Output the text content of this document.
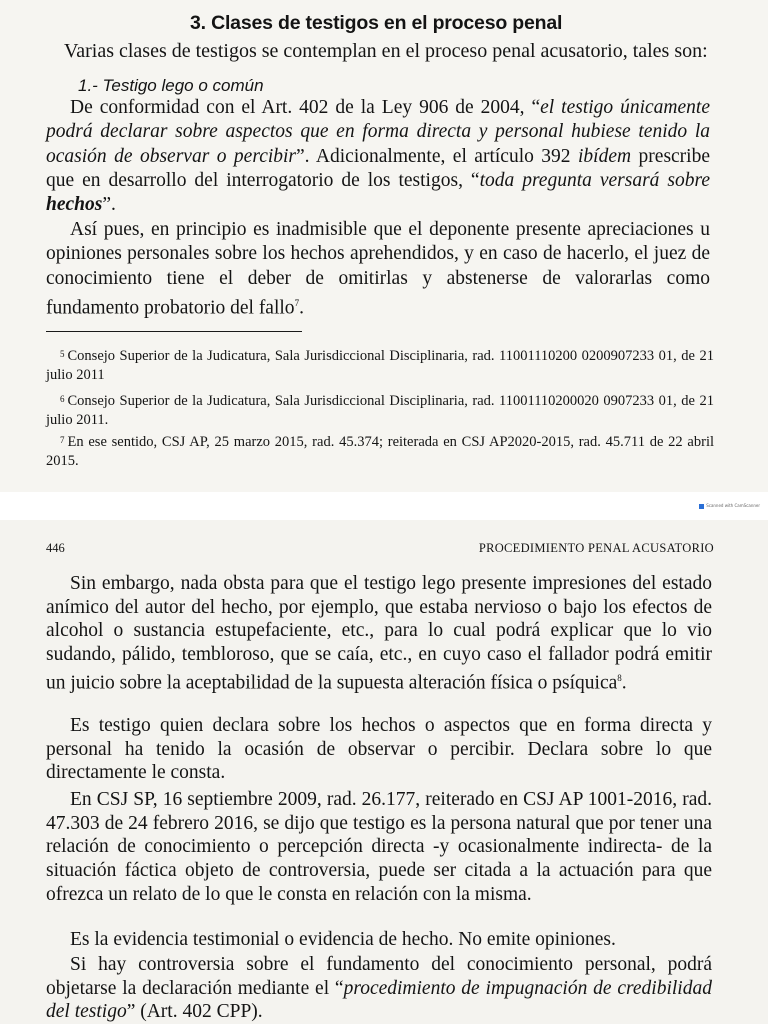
3. Clases de testigos en el proceso penal

Varias clases de testigos se contemplan en el proceso penal acusatorio, tales son:

1.- Testigo lego o común

De conformidad con el Art. 402 de la Ley 906 de 2004, “el testigo únicamente podrá declarar sobre aspectos que en forma directa y personal hubiese tenido la ocasión de observar o percibir”. Adicionalmente, el artículo 392 ibídem prescribe que en desarrollo del interrogatorio de los testigos, “toda pregunta versará sobre hechos”.

Así pues, en principio es inadmisible que el deponente presente apreciaciones u opiniones personales sobre los hechos aprehendidos, y en caso de hacerlo, el juez de conocimiento tiene el deber de omitirlas y abstenerse de valorarlas como fundamento probatorio del fallo$^7$.

$^5$ Consejo Superior de la Judicatura, Sala Jurisdiccional Disciplinaria, rad. 11001110200 0200907233 01, de 21 julio 2011

$^6$ Consejo Superior de la Judicatura, Sala Jurisdiccional Disciplinaria, rad. 11001110200020 0907233 01, de 21 julio 2011.

$^7$ En ese sentido, CSJ AP, 25 marzo 2015, rad. 45.374; reiterada en CSJ AP2020-2015, rad. 45.711 de 22 abril 2015.

Scanned with CamScanner
446	PROCEDIMIENTO PENAL ACUSATORIO

Sin embargo, nada obsta para que el testigo lego presente impresiones del estado anímico del autor del hecho, por ejemplo, que estaba nervioso o bajo los efectos de alcohol o sustancia estupefaciente, etc., para lo cual podrá explicar que lo vio sudando, pálido, tembloroso, que se caía, etc., en cuyo caso el fallador podrá emitir un juicio sobre la aceptabilidad de la supuesta alteración física o psíquica$^8$.

Es testigo quien declara sobre los hechos o aspectos que en forma directa y personal ha tenido la ocasión de observar o percibir. Declara sobre lo que directamente le consta.

En CSJ SP, 16 septiembre 2009, rad. 26.177, reiterado en CSJ AP 1001-2016, rad. 47.303 de 24 febrero 2016, se dijo que testigo es la persona natural que por tener una relación de conocimiento o percepción directa -y ocasionalmente indirecta- de la situación fáctica objeto de controversia, puede ser citada a la actuación para que ofrezca un relato de lo que le consta en relación con la misma.

Es la evidencia testimonial o evidencia de hecho. No emite opiniones.

Si hay controversia sobre el fundamento del conocimiento personal, podrá objetarse la declaración mediante el “procedimiento de impugnación de credibilidad del testigo” (Art. 402 CPP).
